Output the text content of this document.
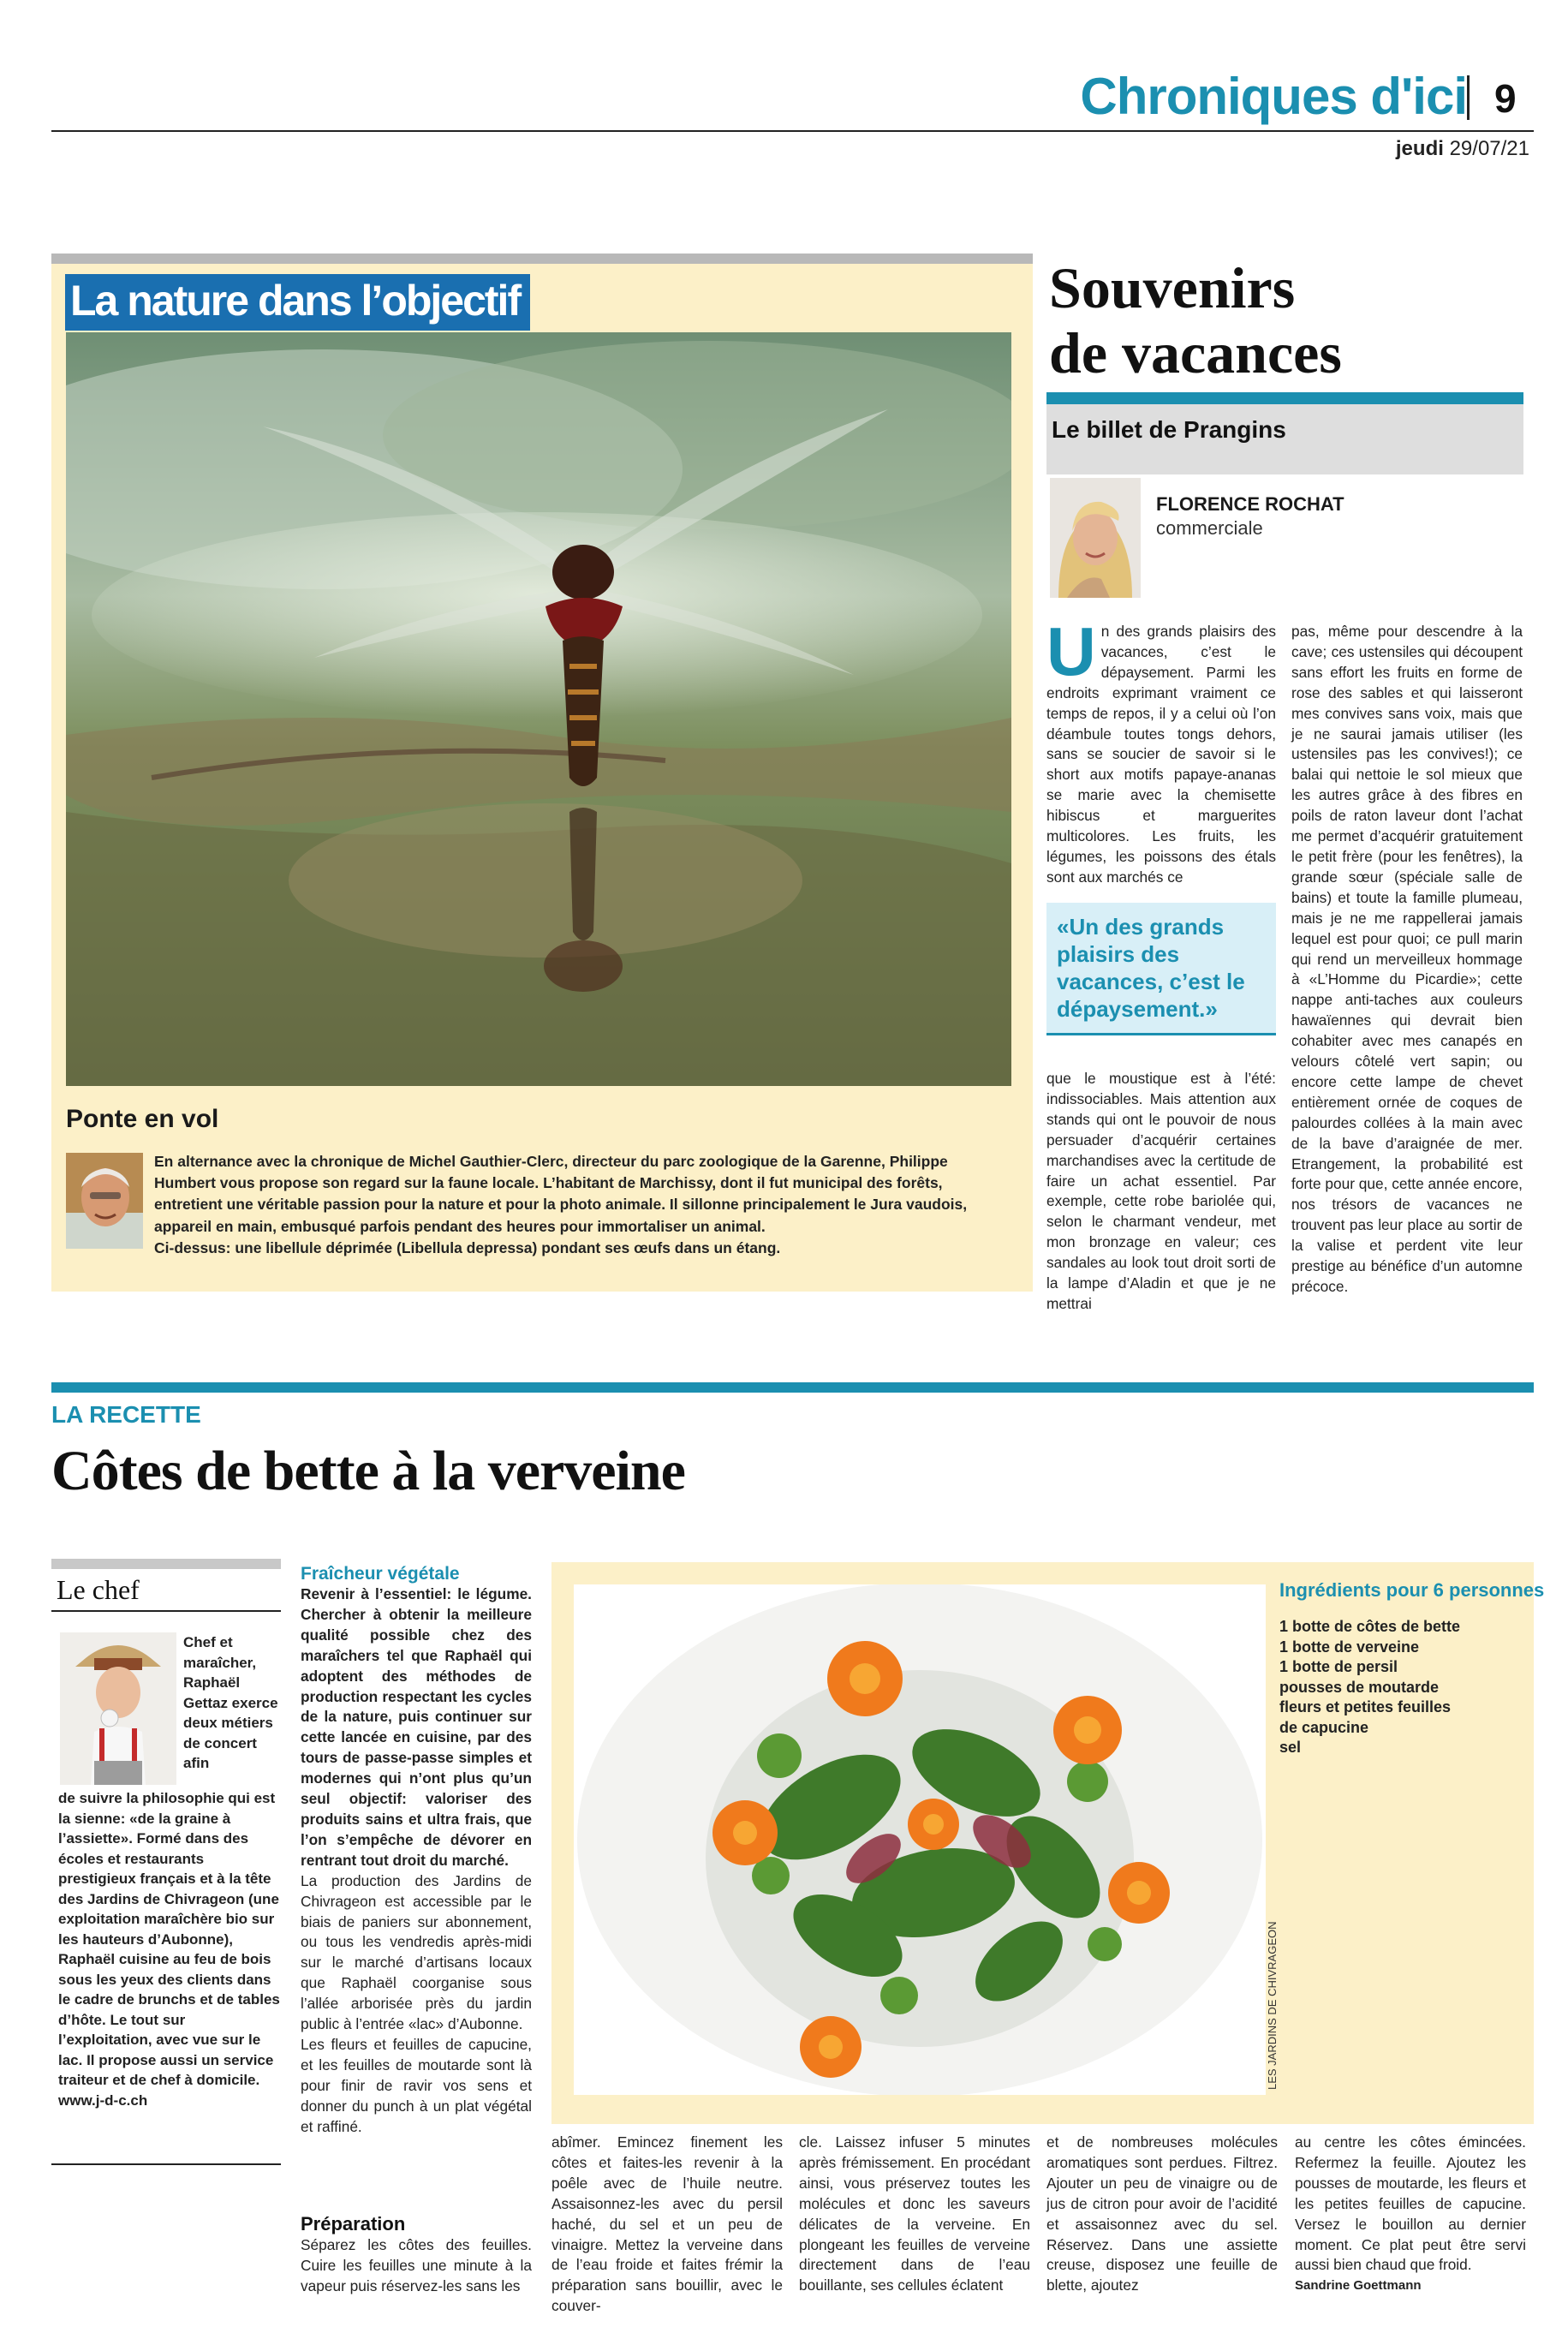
Chroniques d'ici 9
jeudi 29/07/21
La nature dans l’objectif
Ponte en vol
En alternance avec la chronique de Michel Gauthier-Clerc, directeur du parc zoologique de la Garenne, Philippe
Humbert vous propose son regard sur la faune locale. L’habitant de Marchissy, dont il fut municipal des forêts,
entretient une véritable passion pour la nature et pour la photo animale. Il sillonne principalement le Jura vaudois,
appareil en main, embusqué parfois pendant des heures pour immortaliser un animal.
Ci-dessus: une libellule déprimée (Libellula depressa) pondant ses œufs dans un étang.
Souvenirs
de vacances
Le billet de Prangins
FLORENCE ROCHAT
commerciale
Un des grands plaisirs des vacances, c’est le dépaysement. Parmi les endroits exprimant vraiment ce temps de repos, il y a celui où l’on déambule toutes tongs dehors, sans se soucier de savoir si le short aux motifs papaye-ananas se marie avec la chemisette hibiscus et marguerites multicolores. Les fruits, les légumes, les poissons des étals sont aux marchés ce
«Un des grands plaisirs des vacances, c’est le dépaysement.»
que le moustique est à l’été: indissociables. Mais attention aux stands qui ont le pouvoir de nous persuader d’acquérir certaines marchandises avec la certitude de faire un achat essentiel. Par exemple, cette robe bariolée qui, selon le charmant vendeur, met mon bronzage en valeur; ces sandales au look tout droit sorti de la lampe d’Aladin et que je ne mettrai
pas, même pour descendre à la cave; ces ustensiles qui découpent sans effort les fruits en forme de rose des sables et qui laisseront mes convives sans voix, mais que je ne saurai jamais utiliser (les ustensiles pas les convives!); ce balai qui nettoie le sol mieux que les autres grâce à des fibres en poils de raton laveur dont l’achat me permet d’acquérir gratuitement le petit frère (pour les fenêtres), la grande sœur (spéciale salle de bains) et toute la famille plumeau, mais je ne me rappellerai jamais lequel est pour quoi; ce pull marin qui rend un merveilleux hommage à «L’Homme du Picardie»; cette nappe anti-taches aux couleurs hawaïennes qui devrait bien cohabiter avec mes canapés en velours côtelé vert sapin; ou encore cette lampe de chevet entièrement ornée de coques de palourdes collées à la main avec de la bave d’araignée de mer. Etrangement, la probabilité est forte pour que, cette année encore, nos trésors de vacances ne trouvent pas leur place au sortir de la valise et perdent vite leur prestige au bénéfice d’un automne précoce.
LA RECETTE
Côtes de bette à la verveine
Le chef
Chef et maraîcher, Raphaël Gettaz exerce deux métiers de concert afin
de suivre la philosophie qui est la sienne: «de la graine à l’assiette». Formé dans des écoles et restaurants prestigieux français et à la tête des Jardins de Chivrageon (une exploitation maraîchère bio sur les hauteurs d’Aubonne), Raphaël cuisine au feu de bois sous les yeux des clients dans le cadre de brunchs et de tables d’hôte. Le tout sur l’exploitation, avec vue sur le lac. Il propose aussi un service traiteur et de chef à domicile. www.j-d-c.ch
Fraîcheur végétale

Revenir à l’essentiel: le légume. Chercher à obtenir la meilleure qualité possible chez des maraîchers tel que Raphaël qui adoptent des méthodes de production respectant les cycles de la nature, puis continuer sur cette lancée en cuisine, par des tours de passe-passe simples et modernes qui n’ont plus qu’un seul objectif: valoriser des produits sains et ultra frais, que l’on s’empêche de dévorer en rentrant tout droit du marché.

La production des Jardins de Chivrageon est accessible par le biais de paniers sur abonnement, ou tous les vendredis après-midi sur le marché d’artisans locaux que Raphaël coorganise sous l’allée arborisée près du jardin public à l’entrée «lac» d’Aubonne.

Les fleurs et feuilles de capucine, et les feuilles de moutarde sont là pour finir de ravir vos sens et donner du punch à un plat végétal et raffiné.

LES JARDINS DE CHIVRAGEON
Ingrédients pour 6 personnes
1 botte de côtes de bette
1 botte de verveine
1 botte de persil
pousses de moutarde
fleurs et petites feuilles
de capucine
sel
Préparation
Séparez les côtes des feuilles. Cuire les feuilles une minute à la vapeur puis réservez-les sans les
abîmer. Emincez finement les côtes et faites-les revenir à la poêle avec de l’huile neutre. Assaisonnez-les avec du persil haché, du sel et un peu de vinaigre. Mettez la verveine dans de l’eau froide et faites frémir la préparation sans bouillir, avec le couver-
cle. Laissez infuser 5 minutes après frémissement. En procédant ainsi, vous préservez toutes les molécules et donc les saveurs délicates de la verveine. En plongeant les feuilles de verveine directement dans de l’eau bouillante, ses cellules éclatent
et de nombreuses molécules aromatiques sont perdues. Filtrez. Ajouter un peu de vinaigre ou de jus de citron pour avoir de l’acidité et assaisonnez avec du sel. Réservez. Dans une assiette creuse, disposez une feuille de blette, ajoutez
au centre les côtes émincées. Refermez la feuille. Ajoutez les pousses de moutarde, les fleurs et les petites feuilles de capucine. Versez le bouillon au dernier moment. Ce plat peut être servi aussi bien chaud que froid.
Sandrine Goettmann
